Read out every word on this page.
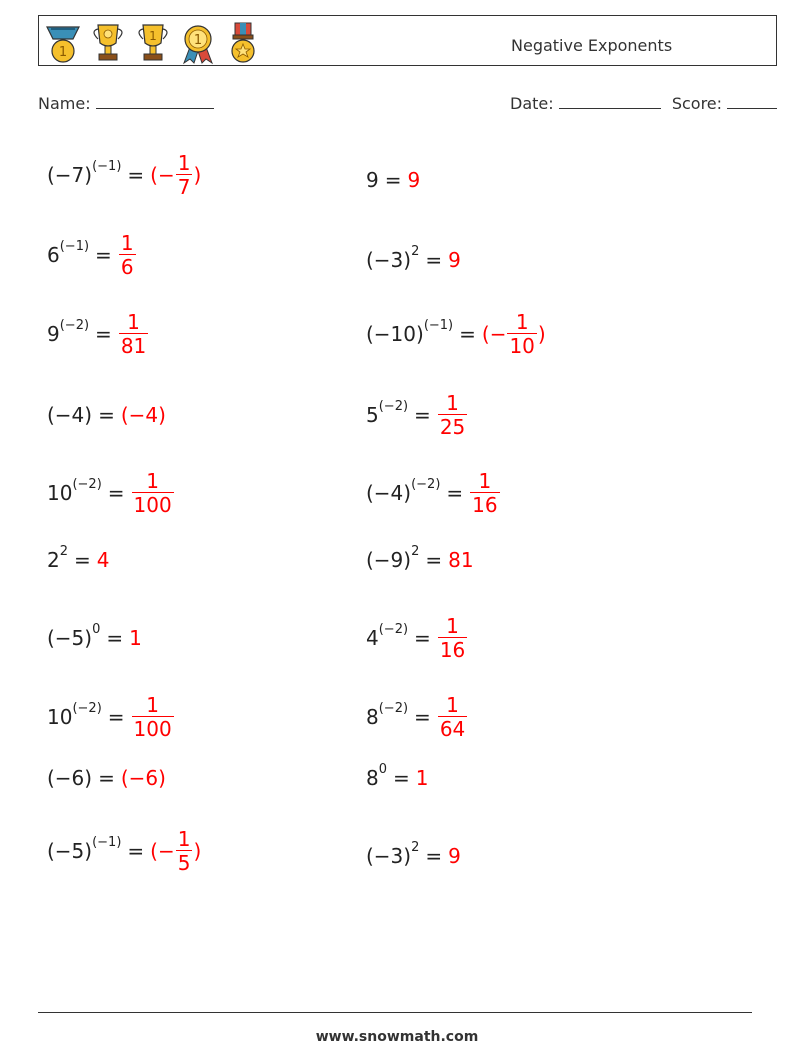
1
1	1	Negative Exponents
Name:	Date:	Score:
$(-7)^{(-1)}$ = (− $\frac{1}{7}$ )
$6^{(-1)} = \frac{1}{6}$
$9^{(-2)} = \frac{1}{81}$
(−4) = (−4)
$10^{(-2)} = \frac{1}{100}$
$2^2 = 4$
$(-5)^0 = 1$
$10^{(-2)} = \frac{1}{100}$
(−6) = (−6)
$(-5)^{(-1)}$ = (− $\frac{1}{5}$ )
9 = 9
$(-3)^2 = 9$
$(-10)^{(-1)}$ = (− $\frac{1}{10}$ )
$5^{(-2)} = \frac{1}{25}$
$(-4)^{(-2)} = \frac{1}{16}$
$(-9)^2 = 81$
$4^{(-2)} = \frac{1}{16}$
$8^{(-2)} = \frac{1}{64}$
$8^0 = 1$
$(-3)^2 = 9$
www.snowmath.com
